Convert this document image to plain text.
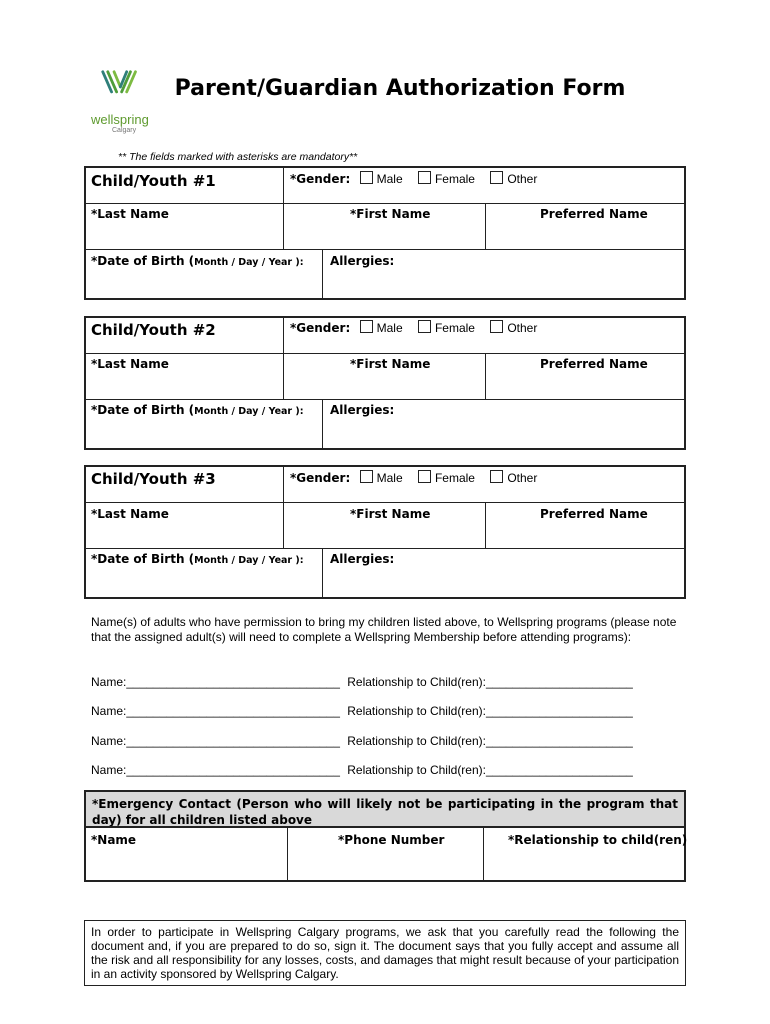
wellspring
Calgary
Parent/Guardian Authorization Form
** The fields marked with asterisks are mandatory**
Child/Youth #1	*Gender: Male	Female	Other
*Last Name	*First Name	Preferred Name
*Date of Birth (Month / Day / Year ): Allergies:
Child/Youth #2	*Gender: Male	Female	Other
*Last Name	*First Name	Preferred Name
*Date of Birth (Month / Day / Year ): Allergies:
Child/Youth #3	*Gender: Male	Female	Other
*Last Name	*First Name	Preferred Name
*Date of Birth (Month / Day / Year ): Allergies:
Name(s) of adults who have permission to bring my children listed above, to Wellspring programs (please note that the assigned adult(s) will need to complete a Wellspring Membership before attending programs):
Name:________________________________ Relationship to Child(ren):______________________
Name:________________________________ Relationship to Child(ren):______________________
Name:________________________________ Relationship to Child(ren):______________________
Name:________________________________ Relationship to Child(ren):______________________
*Emergency Contact (Person who will likely not be participating in the program that day) for all children listed above
*Name	*Phone Number	*Relationship to child(ren)
In order to participate in Wellspring Calgary programs, we ask that you carefully read the following the document and, if you are prepared to do so, sign it. The document says that you fully accept and assume all the risk and all responsibility for any losses, costs, and damages that might result because of your participation in an activity sponsored by Wellspring Calgary.
